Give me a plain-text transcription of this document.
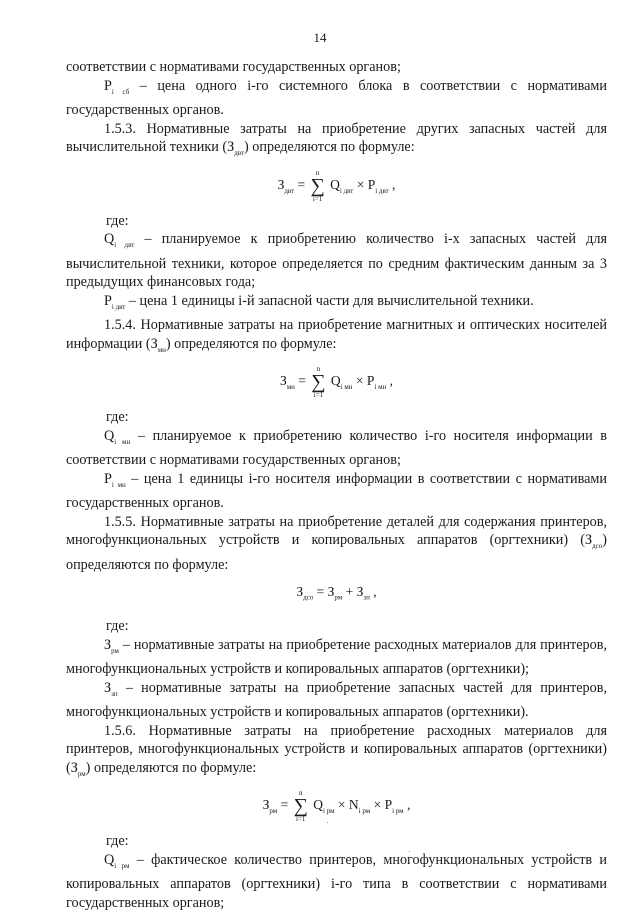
14

соответствии с нормативами государственных органов;

$Р_{i сб}$ – цена одного i-го системного блока в соответствии с нормативами государственных органов.

1.5.3. Нормативные затраты на приобретение других запасных частей для вычислительной техники $(З_{двт})$ определяются по формуле:

$З_{двт}$ =
n
∑
i=1
$Q_{i двт} \times Р_{i двт}$ ,

где:

$Q_{i двт}$ – планируемое к приобретению количество i-х запасных частей для вычислительной техники, которое определяется по средним фактическим данным за 3 предыдущих финансовых года;

$Р_{i двт}$ – цена 1 единицы i-й запасной части для вычислительной техники.

1.5.4. Нормативные затраты на приобретение магнитных и оптических носителей информации $(З_{мн})$ определяются по формуле:

$З_{мн}$ =
n
∑
i=1
$Q_{i мн} \times Р_{i мн}$ ,

где:

$Q_{i мн}$ – планируемое к приобретению количество i-го носителя информации в соответствии с нормативами государственных органов;

$Р_{i мн}$ – цена 1 единицы i-го носителя информации в соответствии с нормативами государственных органов.

1.5.5. Нормативные затраты на приобретение деталей для содержания принтеров, многофункциональных устройств и копировальных аппаратов (оргтехники) $(З_{дсо})$ определяются по формуле:

$З_{дсо} = З_{рм} + З_{зп}$ ,

где:

$З_{рм}$ – нормативные затраты на приобретение расходных материалов для принтеров, многофункциональных устройств и копировальных аппаратов (оргтехники);

$З_{зп}$ – нормативные затраты на приобретение запасных частей для принтеров, многофункциональных устройств и копировальных аппаратов (оргтехники).

1.5.6. Нормативные затраты на приобретение расходных материалов для принтеров, многофункциональных устройств и копировальных аппаратов (оргтехники) $(З_{рм})$ определяются по формуле:

$З_{рм}$ =
n
∑
i=1
$Q_{i рм} \times N_{i рм} \times Р_{i рм}$ ,

где:

$Q_{i рм}$ – фактическое количество принтеров, многофункциональных устройств и копировальных аппаратов (оргтехники) i-го типа в соответствии с нормативами государственных органов;
